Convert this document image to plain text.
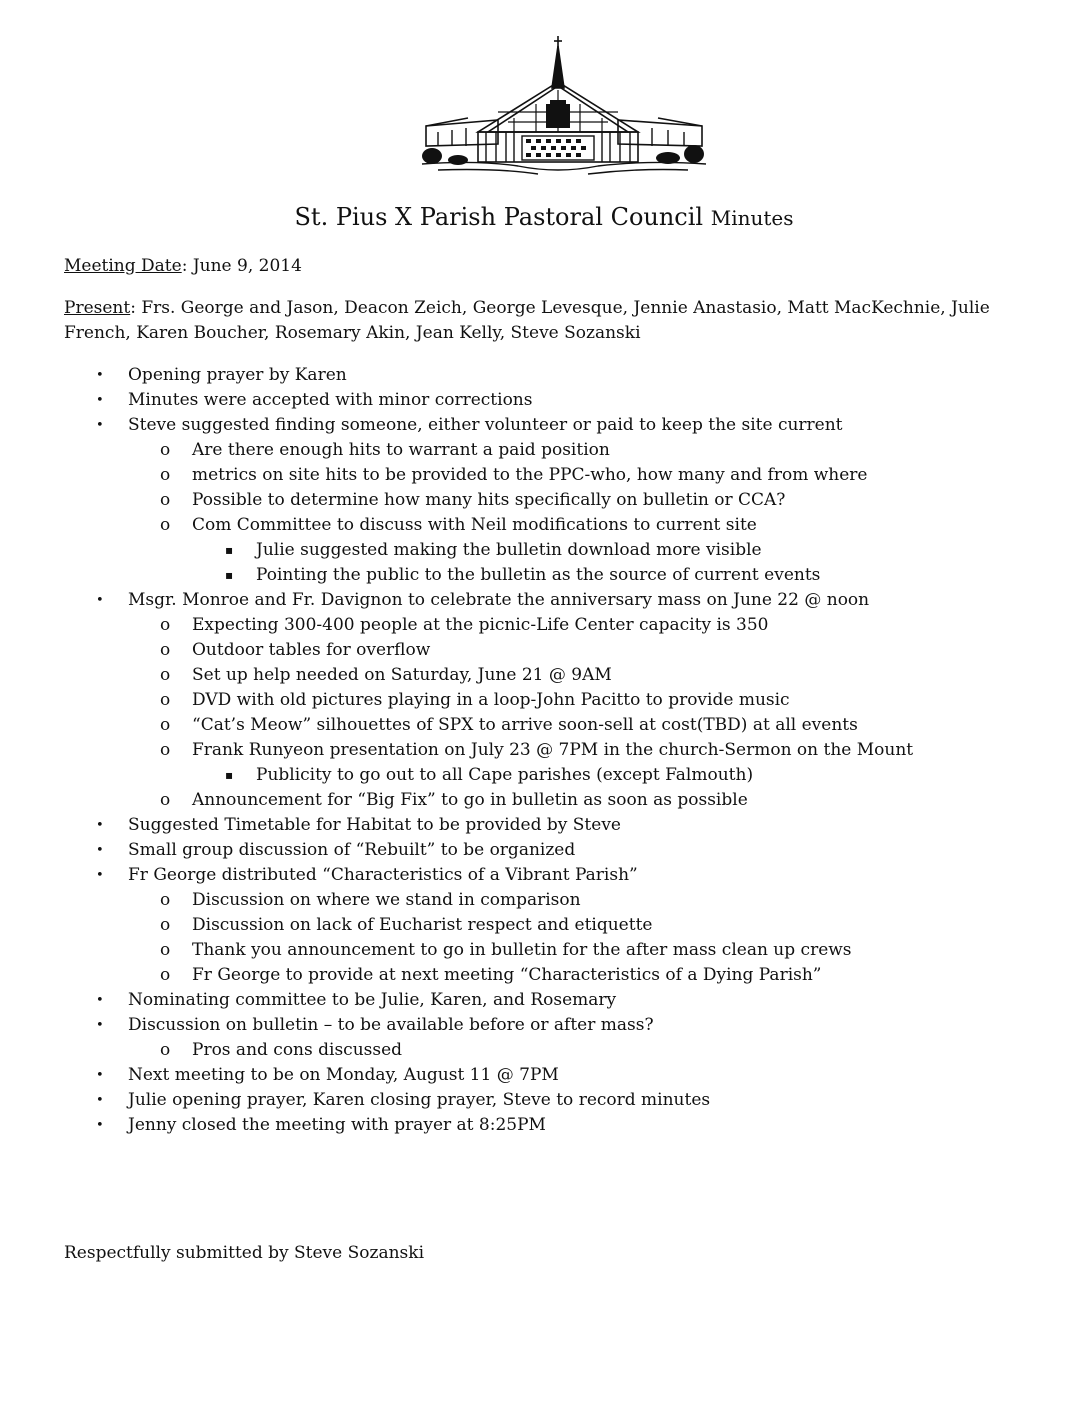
St. Pius X Parish Pastoral Council Minutes
Meeting Date: June 9, 2014
Present: Frs. George and Jason, Deacon Zeich, George Levesque, Jennie Anastasio, Matt MacKechnie, Julie French, Karen Boucher, Rosemary Akin, Jean Kelly, Steve Sozanski
• Opening prayer by Karen
• Minutes were accepted with minor corrections
• Steve suggested finding someone, either volunteer or paid to keep the site current
o Are there enough hits to warrant a paid position
o metrics on site hits to be provided to the PPC-who, how many and from where
o Possible to determine how many hits specifically on bulletin or CCA?
o Com Committee to discuss with Neil modifications to current site
▪ Julie suggested making the bulletin download more visible
▪ Pointing the public to the bulletin as the source of current events
• Msgr. Monroe and Fr. Davignon to celebrate the anniversary mass on June 22 @ noon
o Expecting 300-400 people at the picnic-Life Center capacity is 350
o Outdoor tables for overflow
o Set up help needed on Saturday, June 21 @ 9AM
o DVD with old pictures playing in a loop-John Pacitto to provide music
o “Cat’s Meow” silhouettes of SPX to arrive soon-sell at cost(TBD) at all events
o Frank Runyeon presentation on July 23 @ 7PM in the church-Sermon on the Mount
▪ Publicity to go out to all Cape parishes (except Falmouth)
o Announcement for “Big Fix” to go in bulletin as soon as possible
• Suggested Timetable for Habitat to be provided by Steve
• Small group discussion of “Rebuilt” to be organized
• Fr George distributed “Characteristics of a Vibrant Parish”
o Discussion on where we stand in comparison
o Discussion on lack of Eucharist respect and etiquette
o Thank you announcement to go in bulletin for the after mass clean up crews
o Fr George to provide at next meeting “Characteristics of a Dying Parish”
• Nominating committee to be Julie, Karen, and Rosemary
• Discussion on bulletin – to be available before or after mass?
o Pros and cons discussed
• Next meeting to be on Monday, August 11 @ 7PM
• Julie opening prayer, Karen closing prayer, Steve to record minutes
• Jenny closed the meeting with prayer at 8:25PM
Respectfully submitted by Steve Sozanski
